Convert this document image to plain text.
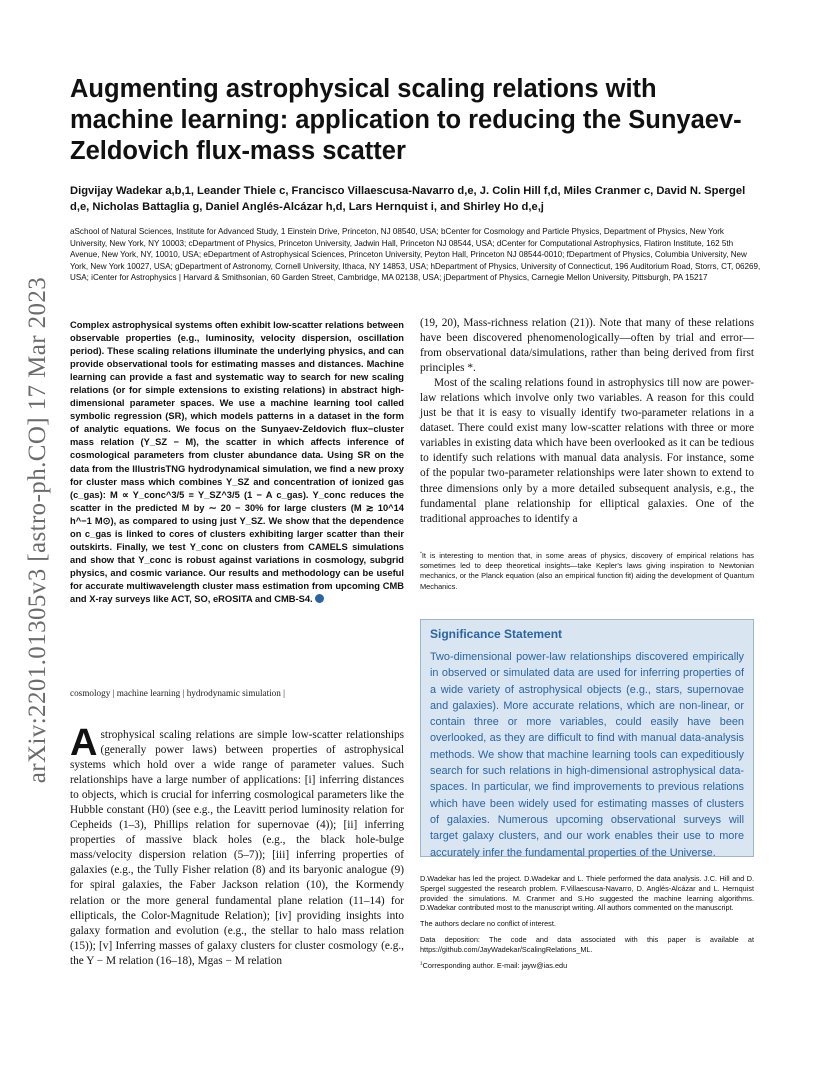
arXiv:2201.01305v3 [astro-ph.CO] 17 Mar 2023
Augmenting astrophysical scaling relations with machine learning: application to reducing the Sunyaev-Zeldovich flux-mass scatter
Digvijay Wadekar a,b,1, Leander Thiele c, Francisco Villaescusa-Navarro d,e, J. Colin Hill f,d, Miles Cranmer c, David N. Spergel d,e, Nicholas Battaglia g, Daniel Anglés-Alcázar h,d, Lars Hernquist i, and Shirley Ho d,e,j
aSchool of Natural Sciences, Institute for Advanced Study, 1 Einstein Drive, Princeton, NJ 08540, USA; bCenter for Cosmology and Particle Physics, Department of Physics, New York University, New York, NY 10003; cDepartment of Physics, Princeton University, Jadwin Hall, Princeton NJ 08544, USA; dCenter for Computational Astrophysics, Flatiron Institute, 162 5th Avenue, New York, NY, 10010, USA; eDepartment of Astrophysical Sciences, Princeton University, Peyton Hall, Princeton NJ 08544-0010; fDepartment of Physics, Columbia University, New York, New York 10027, USA; gDepartment of Astronomy, Cornell University, Ithaca, NY 14853, USA; hDepartment of Physics, University of Connecticut, 196 Auditorium Road, Storrs, CT, 06269, USA; iCenter for Astrophysics | Harvard & Smithsonian, 60 Garden Street, Cambridge, MA 02138, USA; jDepartment of Physics, Carnegie Mellon University, Pittsburgh, PA 15217
Complex astrophysical systems often exhibit low-scatter relations between observable properties (e.g., luminosity, velocity dispersion, oscillation period). These scaling relations illuminate the underlying physics, and can provide observational tools for estimating masses and distances. Machine learning can provide a fast and systematic way to search for new scaling relations (or for simple extensions to existing relations) in abstract high-dimensional parameter spaces. We use a machine learning tool called symbolic regression (SR), which models patterns in a dataset in the form of analytic equations. We focus on the Sunyaev-Zeldovich flux−cluster mass relation (Y_SZ − M), the scatter in which affects inference of cosmological parameters from cluster abundance data. Using SR on the data from the IllustrisTNG hydrodynamical simulation, we find a new proxy for cluster mass which combines Y_SZ and concentration of ionized gas (c_gas): M ∝ Y_conc^3/5 ≡ Y_SZ^3/5 (1 − A c_gas). Y_conc reduces the scatter in the predicted M by ∼ 20 − 30% for large clusters (M ≳ 10^14 h^−1 M⊙), as compared to using just Y_SZ. We show that the dependence on c_gas is linked to cores of clusters exhibiting larger scatter than their outskirts. Finally, we test Y_conc on clusters from CAMELS simulations and show that Y_conc is robust against variations in cosmology, subgrid physics, and cosmic variance. Our results and methodology can be useful for accurate multiwavelength cluster mass estimation from upcoming CMB and X-ray surveys like ACT, SO, eROSITA and CMB-S4.
cosmology | machine learning | hydrodynamic simulation |
Astrophysical scaling relations are simple low-scatter relationships (generally power laws) between properties of astrophysical systems which hold over a wide range of parameter values. Such relationships have a large number of applications: [i] inferring distances to objects, which is crucial for inferring cosmological parameters like the Hubble constant (H0) (see e.g., the Leavitt period luminosity relation for Cepheids (1–3), Phillips relation for supernovae (4)); [ii] inferring properties of massive black holes (e.g., the black hole-bulge mass/velocity dispersion relation (5–7)); [iii] inferring properties of galaxies (e.g., the Tully Fisher relation (8) and its baryonic analogue (9) for spiral galaxies, the Faber Jackson relation (10), the Kormendy relation or the more general fundamental plane relation (11–14) for ellipticals, the Color-Magnitude Relation); [iv] providing insights into galaxy formation and evolution (e.g., the stellar to halo mass relation (15)); [v] Inferring masses of galaxy clusters for cluster cosmology (e.g., the Y − M relation (16–18), Mgas − M relation
(19, 20), Mass-richness relation (21)). Note that many of these relations have been discovered phenomenologically—often by trial and error—from observational data/simulations, rather than being derived from first principles *.
Most of the scaling relations found in astrophysics till now are power-law relations which involve only two variables. A reason for this could just be that it is easy to visually identify two-parameter relations in a dataset. There could exist many low-scatter relations with three or more variables in existing data which have been overlooked as it can be tedious to identify such relations with manual data analysis. For instance, some of the popular two-parameter relationships were later shown to extend to three dimensions only by a more detailed subsequent analysis, e.g., the fundamental plane relationship for elliptical galaxies. One of the traditional approaches to identify a
*It is interesting to mention that, in some areas of physics, discovery of empirical relations has sometimes led to deep theoretical insights—take Kepler's laws giving inspiration to Newtonian mechanics, or the Planck equation (also an empirical function fit) aiding the development of Quantum Mechanics.
Significance Statement
Two-dimensional power-law relationships discovered empirically in observed or simulated data are used for inferring properties of a wide variety of astrophysical objects (e.g., stars, supernovae and galaxies). More accurate relations, which are non-linear, or contain three or more variables, could easily have been overlooked, as they are difficult to find with manual data-analysis methods. We show that machine learning tools can expeditiously search for such relations in high-dimensional astrophysical data-spaces. In particular, we find improvements to previous relations which have been widely used for estimating masses of clusters of galaxies. Numerous upcoming observational surveys will target galaxy clusters, and our work enables their use to more accurately infer the fundamental properties of the Universe.

D.Wadekar has led the project. D.Wadekar and L. Thiele performed the data analysis. J.C. Hill and D. Spergel suggested the research problem. F.Villaescusa-Navarro, D. Anglés-Alcázar and L. Hernquist provided the simulations. M. Cranmer and S.Ho suggested the machine learning algorithms. D.Wadekar contributed most to the manuscript writing. All authors commented on the manuscript.

The authors declare no conflict of interest.

Data deposition: The code and data associated with this paper is available at https://github.com/JayWadekar/ScalingRelations_ML.

$^1$Corresponding author. E-mail: jayw@ias.edu
